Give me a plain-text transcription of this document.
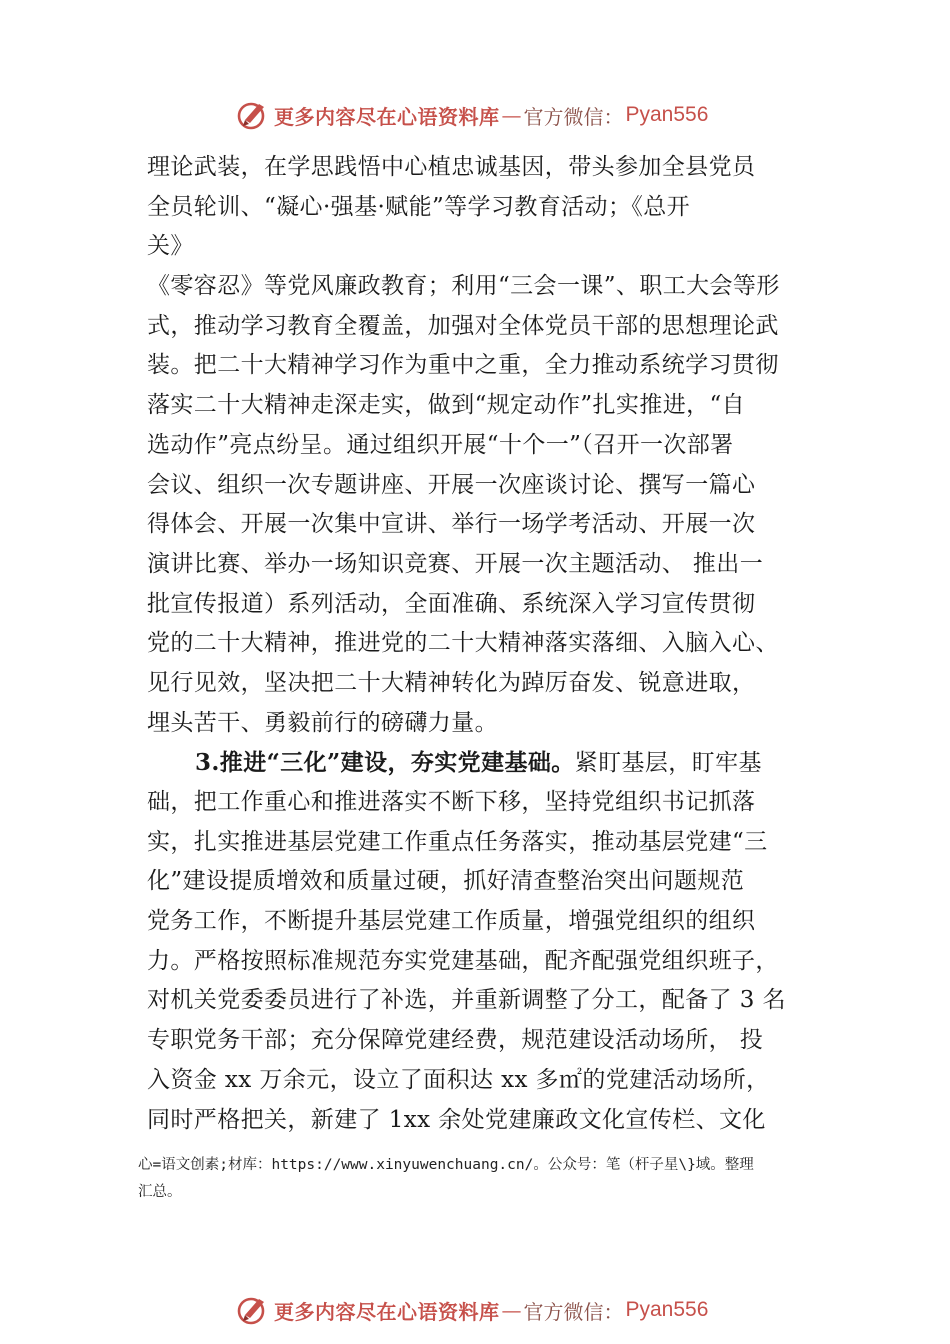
更多内容尽在心语资料库 — 官方微信： Pyan556
理论武装，在学思践悟中心植忠诚基因，带头参加全县党员
全员轮训、“凝心·强基·赋能”等学习教育活动；《总开
关》
《零容忍》等党风廉政教育；利用“三会一课”、职工大会等形
式，推动学习教育全覆盖，加强对全体党员干部的思想理论武
装。把二十大精神学习作为重中之重，全力推动系统学习贯彻
落实二十大精神走深走实，做到“规定动作”扎实推进，“自
选动作”亮点纷呈。通过组织开展“十个一”（召开一次部署
会议、组织一次专题讲座、开展一次座谈讨论、撰写一篇心
得体会、开展一次集中宣讲、举行一场学考活动、开展一次
演讲比赛、举办一场知识竞赛、开展一次主题活动、 推出一
批宣传报道）系列活动，全面准确、系统深入学习宣传贯彻
党的二十大精神，推进党的二十大精神落实落细、入脑入心、
见行见效，坚决把二十大精神转化为踔厉奋发、锐意进取，
埋头苦干、勇毅前行的磅礴力量。
3.推进“三化”建设，夯实党建基础。紧盯基层，盯牢基
础，把工作重心和推进落实不断下移，坚持党组织书记抓落
实，扎实推进基层党建工作重点任务落实，推动基层党建“三
化”建设提质增效和质量过硬，抓好清查整治突出问题规范
党务工作，不断提升基层党建工作质量，增强党组织的组织
力。严格按照标准规范夯实党建基础，配齐配强党组织班子，
对机关党委委员进行了补选，并重新调整了分工，配备了 3 名
专职党务干部；充分保障党建经费，规范建设活动场所， 投
入资金 xx 万余元，设立了面积达 xx 多㎡的党建活动场所，
同时严格把关，新建了 1xx 余处党建廉政文化宣传栏、文化
心=语文创素;材库：https://www.xinyuwenchuang.cn/。公众号：笔（杆子星\}域。整理
汇总。
更多内容尽在心语资料库 — 官方微信： Pyan556
